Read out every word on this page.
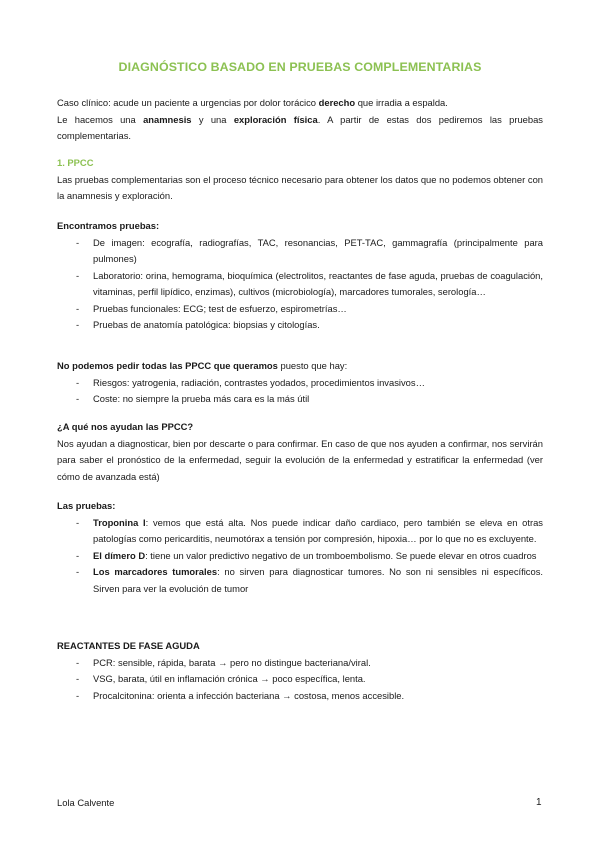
DIAGNÓSTICO BASADO EN PRUEBAS COMPLEMENTARIAS

Caso clínico: acude un paciente a urgencias por dolor torácico derecho que irradia a espalda.

Le hacemos una anamnesis y una exploración física. A partir de estas dos pediremos las pruebas complementarias.

1. PPCC

Las pruebas complementarias son el proceso técnico necesario para obtener los datos que no podemos obtener con la anamnesis y exploración.

Encontramos pruebas:

- De imagen: ecografía, radiografías, TAC, resonancias, PET-TAC, gammagrafía (principalmente para pulmones)
- Laboratorio: orina, hemograma, bioquímica (electrolitos, reactantes de fase aguda, pruebas de coagulación, vitaminas, perfil lipídico, enzimas), cultivos (microbiología), marcadores tumorales, serología…
- Pruebas funcionales: ECG; test de esfuerzo, espirometrías…
- Pruebas de anatomía patológica: biopsias y citologías.

No podemos pedir todas las PPCC que queramos puesto que hay:

- Riesgos: yatrogenia, radiación, contrastes yodados, procedimientos invasivos…
- Coste: no siempre la prueba más cara es la más útil

¿A qué nos ayudan las PPCC?

Nos ayudan a diagnosticar, bien por descarte o para confirmar. En caso de que nos ayuden a confirmar, nos servirán para saber el pronóstico de la enfermedad, seguir la evolución de la enfermedad y estratificar la enfermedad (ver cómo de avanzada está)

Las pruebas:

- Troponina I: vemos que está alta. Nos puede indicar daño cardiaco, pero también se eleva en otras patologías como pericarditis, neumotórax a tensión por compresión, hipoxia… por lo que no es excluyente.
- El dímero D: tiene un valor predictivo negativo de un tromboembolismo. Se puede elevar en otros cuadros
- Los marcadores tumorales: no sirven para diagnosticar tumores. No son ni sensibles ni específicos. Sirven para ver la evolución de tumor

REACTANTES DE FASE AGUDA

- PCR: sensible, rápida, barata → pero no distingue bacteriana/viral.
- VSG, barata, útil en inflamación crónica → poco específica, lenta.
- Procalcitonina: orienta a infección bacteriana → costosa, menos accesible.
Lola Calvente	1
